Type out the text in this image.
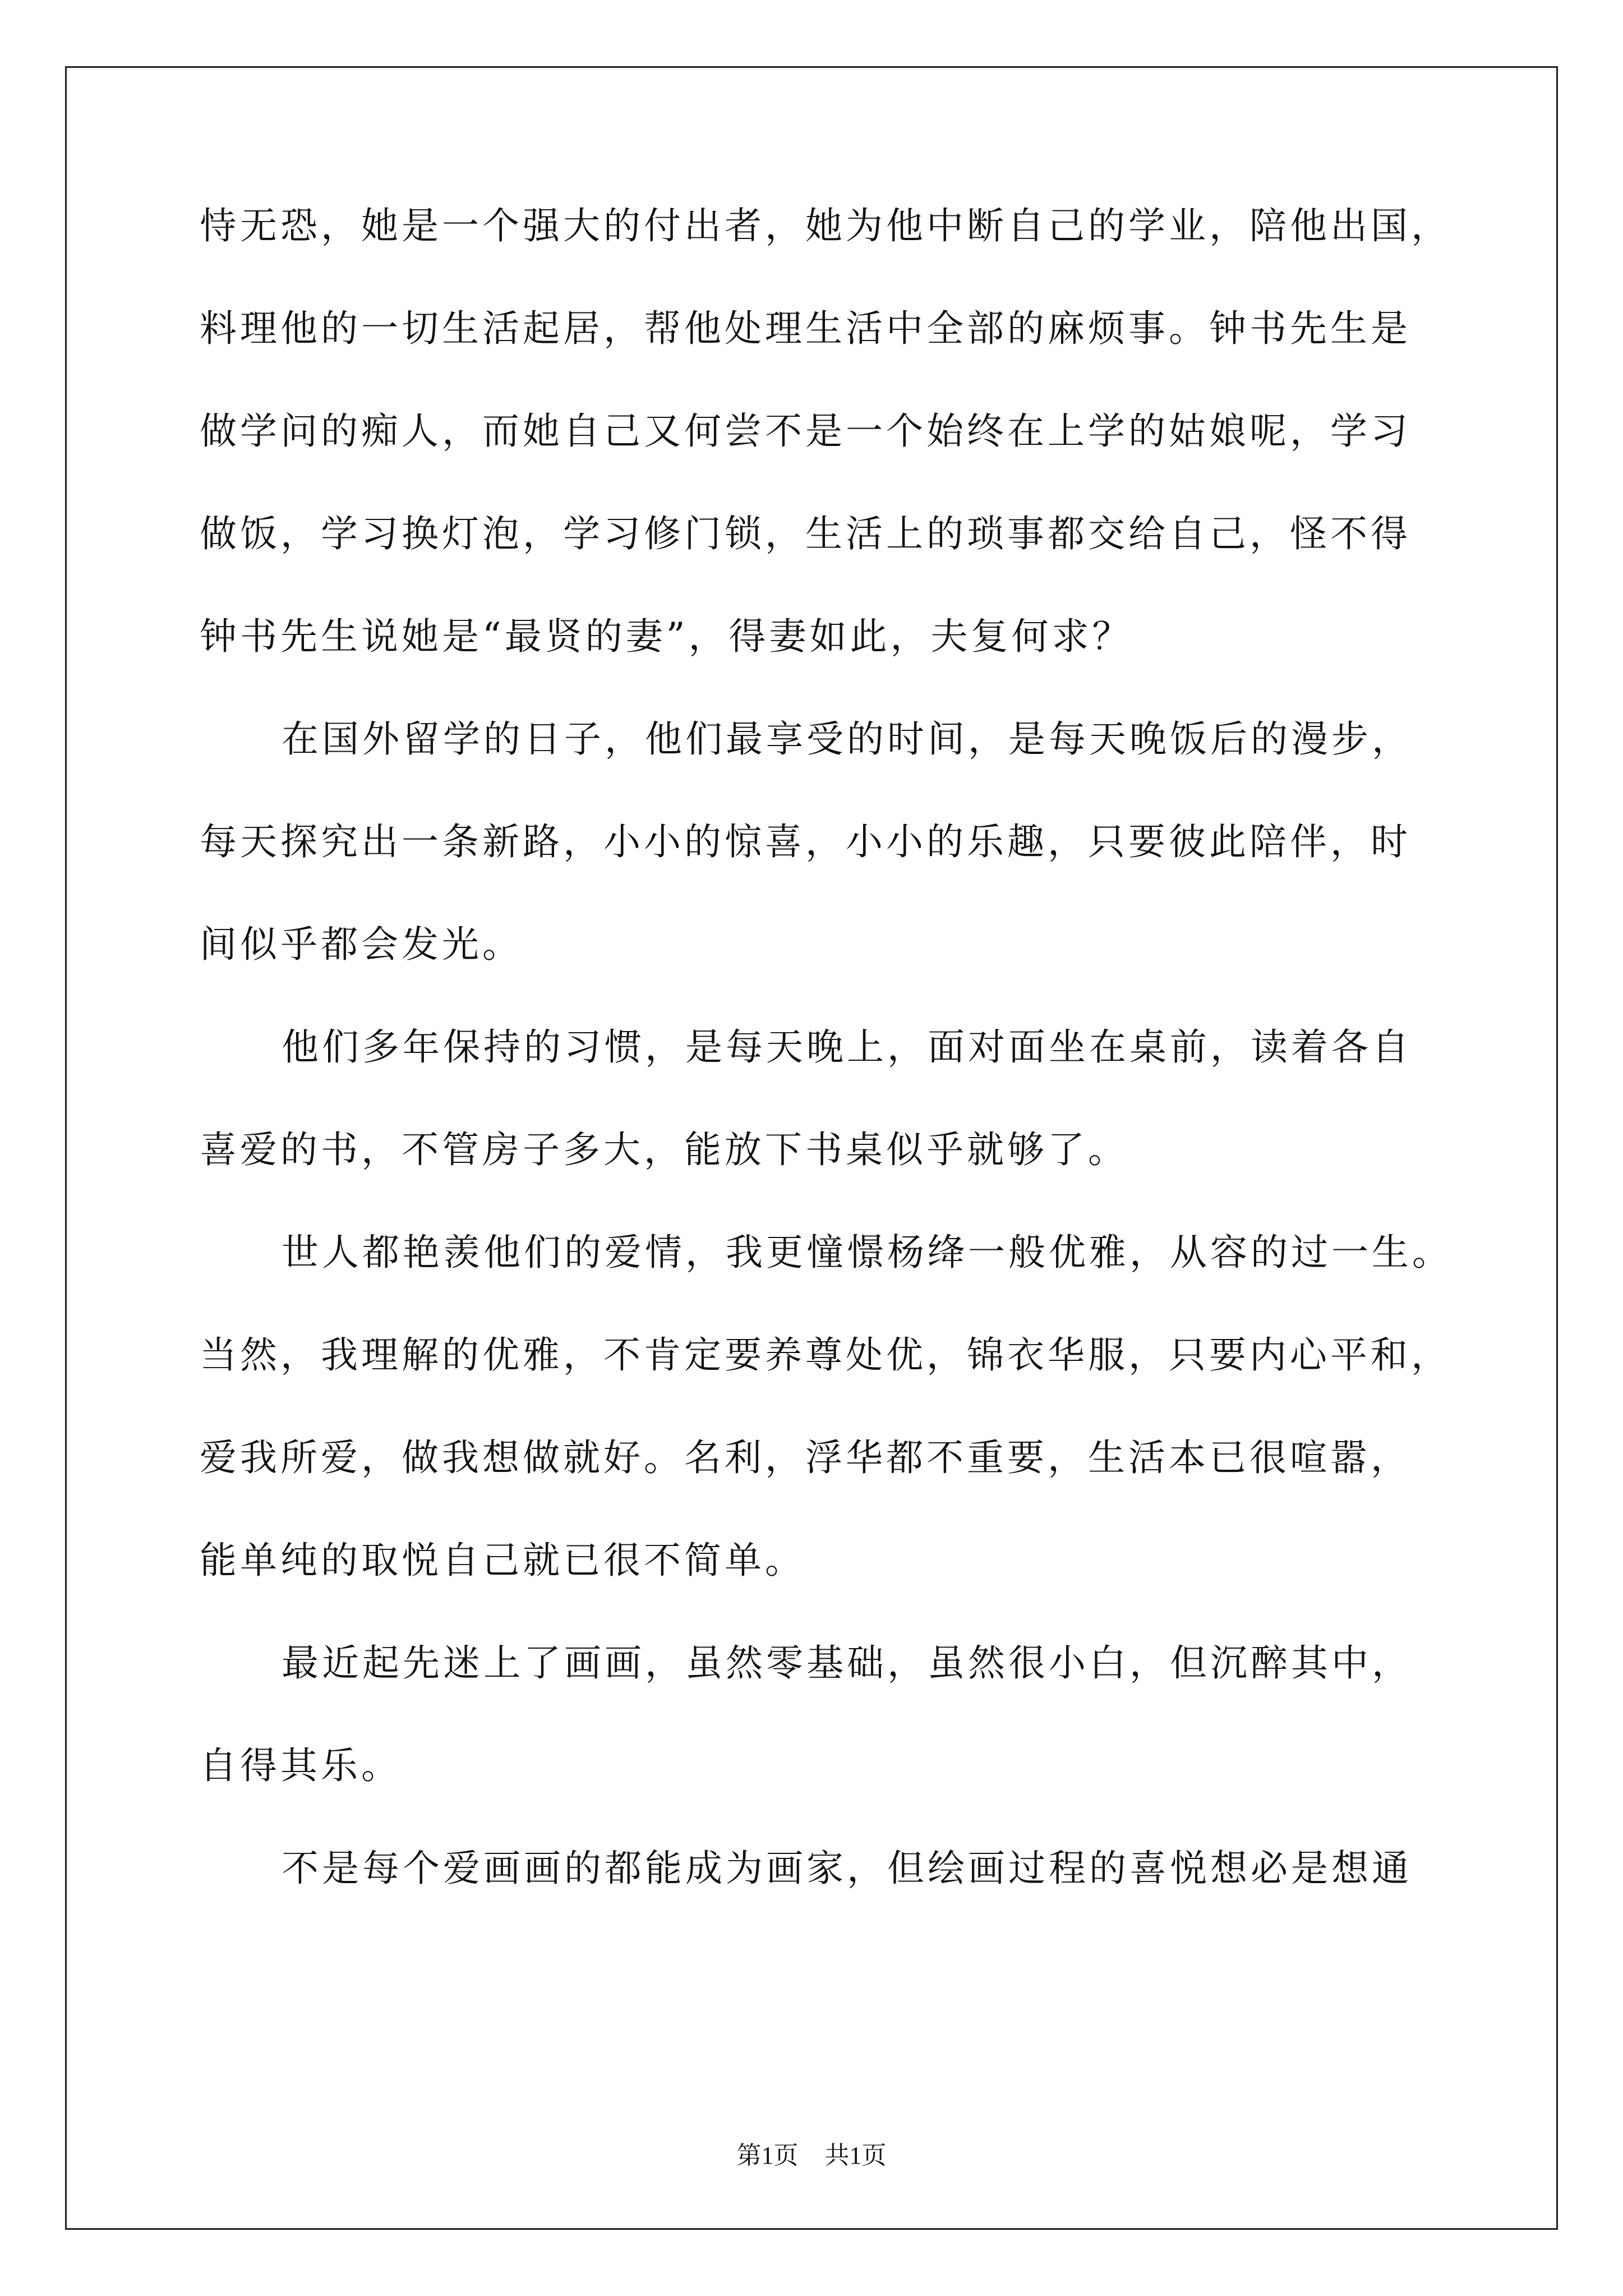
恃无恐，她是一个强大的付出者，她为他中断自己的学业，陪他出国，
料理他的一切生活起居，帮他处理生活中全部的麻烦事。钟书先生是
做学问的痴人，而她自己又何尝不是一个始终在上学的姑娘呢，学习
做饭，学习换灯泡，学习修门锁，生活上的琐事都交给自己，怪不得
钟书先生说她是“最贤的妻”，得妻如此，夫复何求？
在国外留学的日子，他们最享受的时间，是每天晚饭后的漫步，
每天探究出一条新路，小小的惊喜，小小的乐趣，只要彼此陪伴，时
间似乎都会发光。
他们多年保持的习惯，是每天晚上，面对面坐在桌前，读着各自
喜爱的书，不管房子多大，能放下书桌似乎就够了。
世人都艳羡他们的爱情，我更憧憬杨绛一般优雅，从容的过一生。
当然，我理解的优雅，不肯定要养尊处优，锦衣华服，只要内心平和，
爱我所爱，做我想做就好。名利，浮华都不重要，生活本已很喧嚣，
能单纯的取悦自己就已很不简单。
最近起先迷上了画画，虽然零基础，虽然很小白，但沉醉其中，
自得其乐。
不是每个爱画画的都能成为画家，但绘画过程的喜悦想必是想通
第1页 共1页
